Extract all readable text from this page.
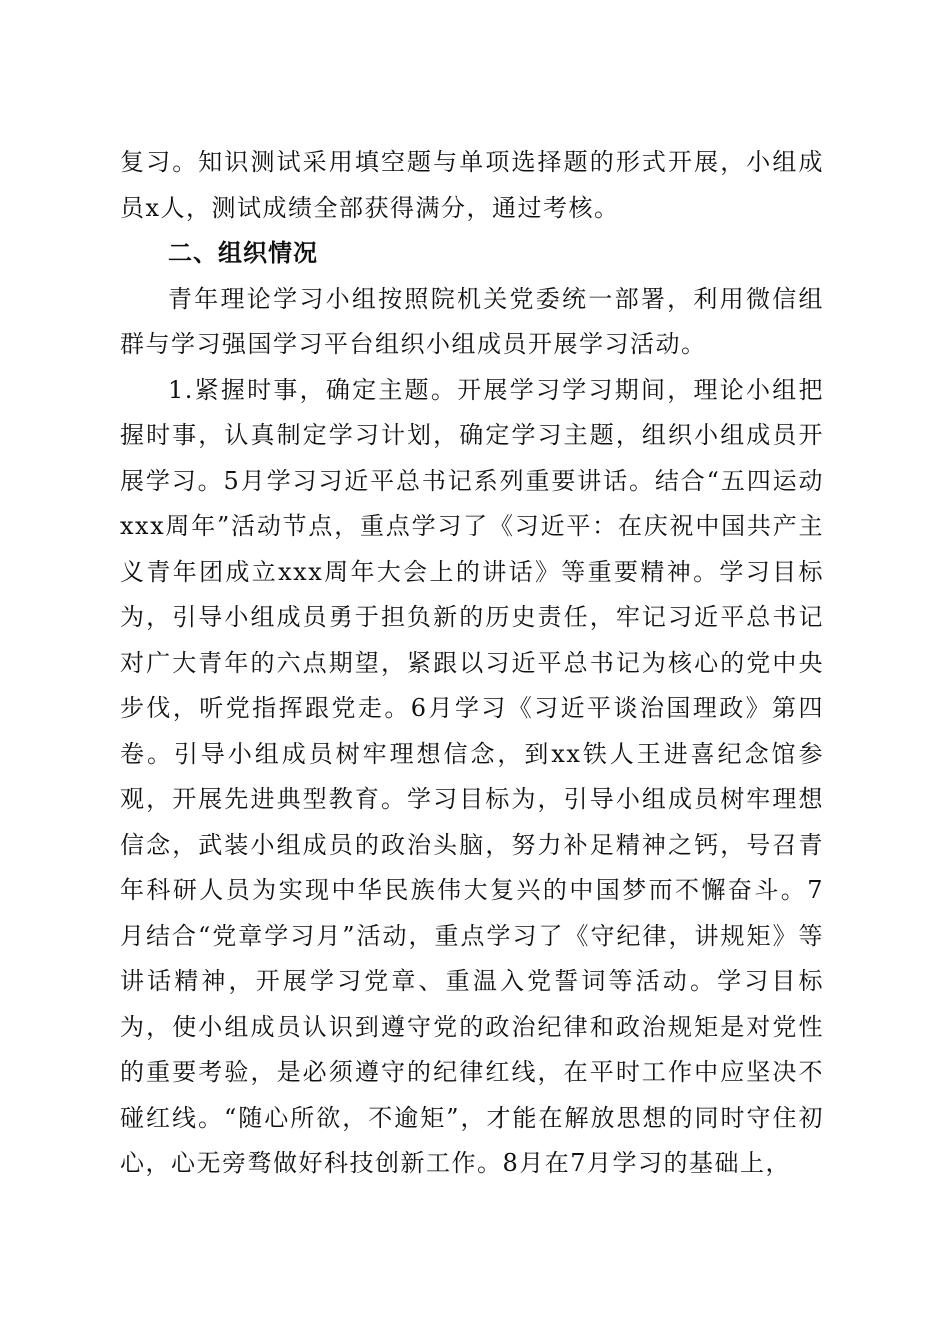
复习。知识测试采用填空题与单项选择题的形式开展，小组成员x人，测试成绩全部获得满分，通过考核。

二、组织情况

青年理论学习小组按照院机关党委统一部署，利用微信组群与学习强国学习平台组织小组成员开展学习活动。

1.紧握时事，确定主题。开展学习学习期间，理论小组把握时事，认真制定学习计划，确定学习主题，组织小组成员开展学习。5月学习习近平总书记系列重要讲话。结合“五四运动xxx周年”活动节点，重点学习了《习近平：在庆祝中国共产主义青年团成立xxx周年大会上的讲话》等重要精神。学习目标为，引导小组成员勇于担负新的历史责任，牢记习近平总书记对广大青年的六点期望，紧跟以习近平总书记为核心的党中央步伐，听党指挥跟党走。6月学习《习近平谈治国理政》第四卷。引导小组成员树牢理想信念，到xx铁人王进喜纪念馆参观，开展先进典型教育。学习目标为，引导小组成员树牢理想信念，武装小组成员的政治头脑，努力补足精神之钙，号召青年科研人员为实现中华民族伟大复兴的中国梦而不懈奋斗。7月结合“党章学习月”活动，重点学习了《守纪律，讲规矩》等讲话精神，开展学习党章、重温入党誓词等活动。学习目标为，使小组成员认识到遵守党的政治纪律和政治规矩是对党性的重要考验，是必须遵守的纪律红线，在平时工作中应坚决不碰红线。“随心所欲，不逾矩”，才能在解放思想的同时守住初心，心无旁骛做好科技创新工作。8月在7月学习的基础上，
